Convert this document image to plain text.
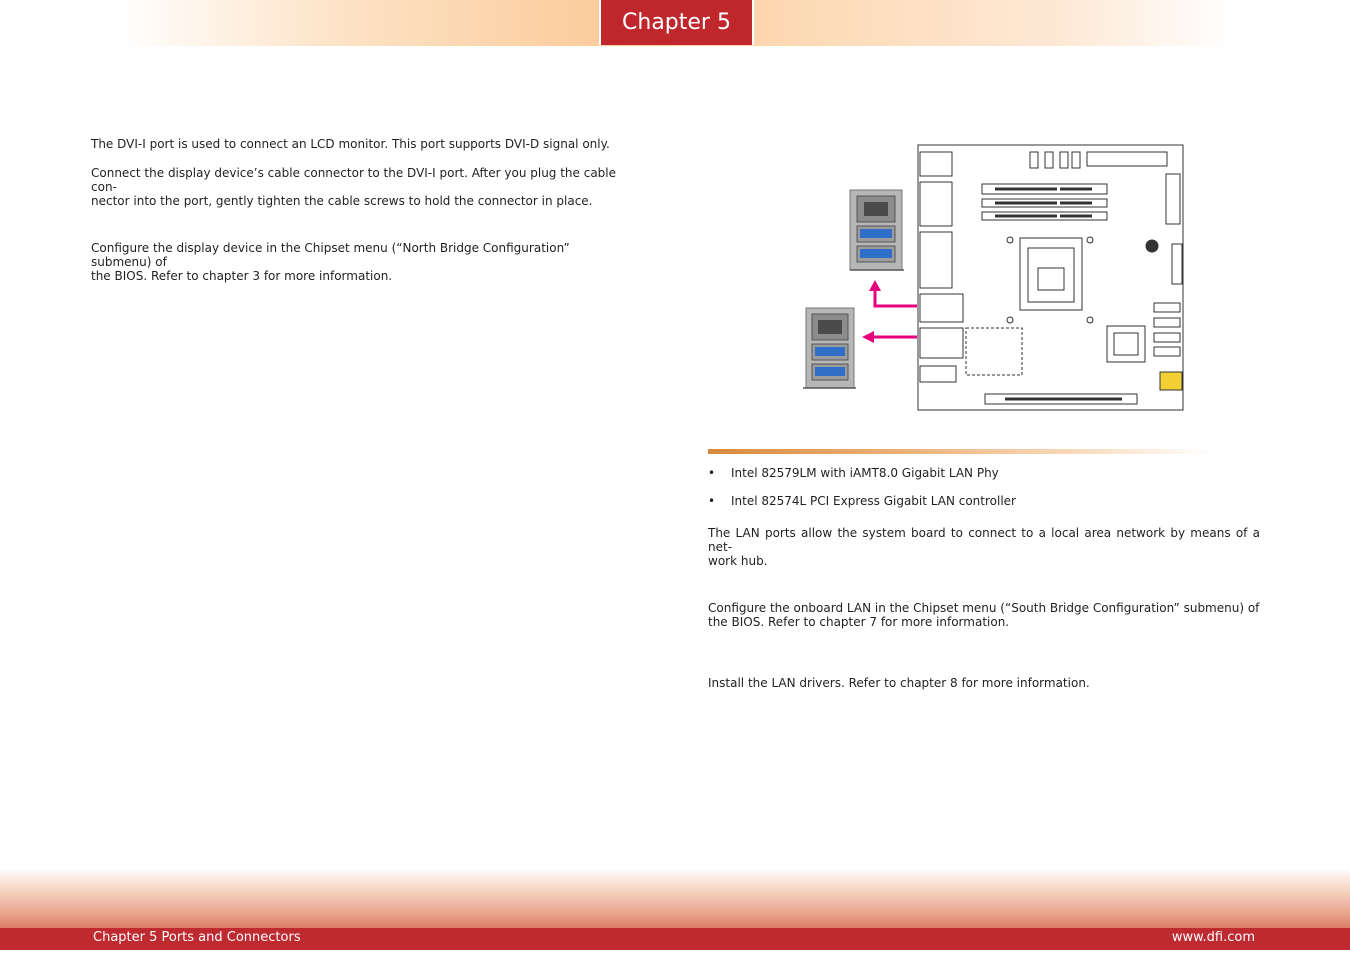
Chapter 5

The DVI-I port is used to connect an LCD monitor. This port supports DVI-D signal only.

Connect the display device’s cable connector to the DVI-I port. After you plug the cable con-
nector into the port, gently tighten the cable screws to hold the connector in place.

Configure the display device in the Chipset menu (“North Bridge Configuration” submenu) of
the BIOS. Refer to chapter 3 for more information.

• Intel 82579LM with iAMT8.0 Gigabit LAN Phy
• Intel 82574L PCI Express Gigabit LAN controller

The LAN ports allow the system board to connect to a local area network by means of a net-
work hub.

Configure the onboard LAN in the Chipset menu (“South Bridge Configuration” submenu) of
the BIOS. Refer to chapter 7 for more information.

Install the LAN drivers. Refer to chapter 8 for more information.

Chapter 5 Ports and Connectors	www.dfi.com
